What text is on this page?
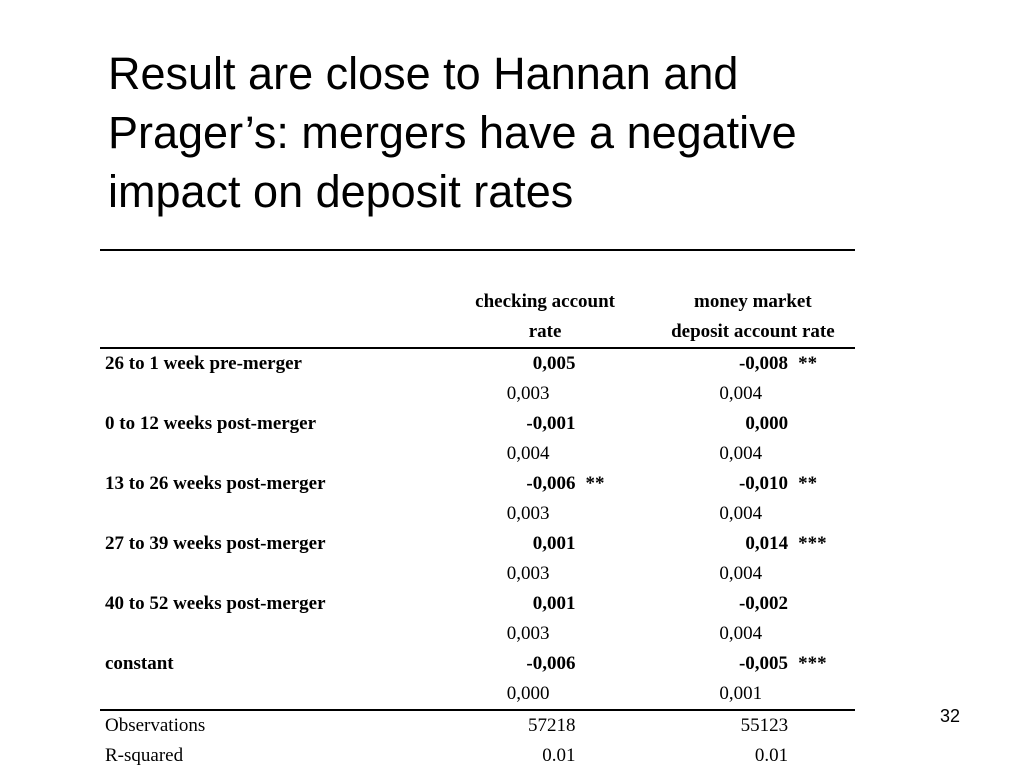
Result are close to Hannan and
Prager’s: mergers have a negative
impact on deposit rates

	checking account		money market	
	rate		deposit account rate	
26 to 1 week pre-merger	0,005		-0,008	**
	0,003		0,004	
0 to 12 weeks post-merger	-0,001		0,000	
	0,004		0,004	
13 to 26 weeks post-merger	-0,006	**	-0,010	**
	0,003		0,004	
27 to 39 weeks post-merger	0,001		0,014	***
	0,003		0,004	
40 to 52 weeks post-merger	0,001		-0,002	
	0,003		0,004	
constant	-0,006		-0,005	***
	0,000		0,001	
Observations	57218		55123	
R-squared	0.01		0.01	
32
